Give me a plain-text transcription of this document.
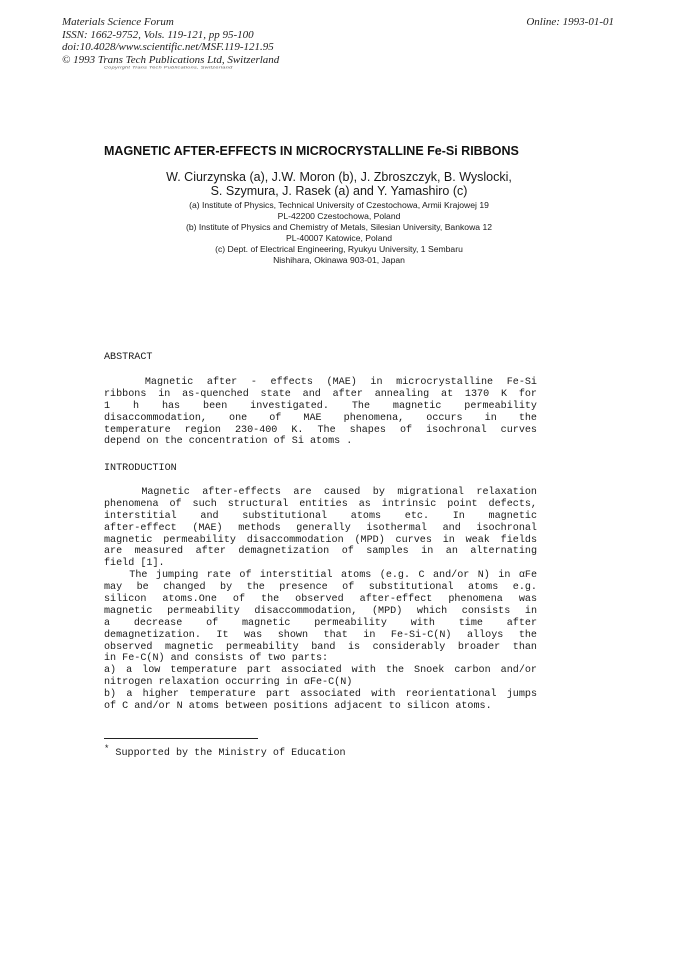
Materials Science Forum
ISSN: 1662-9752, Vols. 119-121, pp 95-100
doi:10.4028/www.scientific.net/MSF.119-121.95
© 1993 Trans Tech Publications Ltd, Switzerland
Online: 1993-01-01
Copyright Trans Tech Publications, Switzerland
MAGNETIC AFTER-EFFECTS IN MICROCRYSTALLINE Fe-Si RIBBONS
W. Ciurzynska (a), J.W. Moron (b), J. Zbroszczyk, B. Wyslocki,
S. Szymura, J. Rasek (a) and Y. Yamashiro (c)
(a) Institute of Physics, Technical University of Czestochowa, Armii Krajowej 19
PL-42200 Czestochowa, Poland
(b) Institute of Physics and Chemistry of Metals, Silesian University, Bankowa 12
PL-40007 Katowice, Poland
(c) Dept. of Electrical Engineering, Ryukyu University, 1 Sembaru
Nishihara, Okinawa 903-01, Japan
ABSTRACT
Magnetic after - effects (MAE) in microcrystalline Fe-Si
ribbons in as-quenched state and after annealing at 1370 K for
1 h has been investigated. The magnetic permeability
disaccommodation, one of MAE phenomena, occurs in the
temperature region 230-400 K. The shapes of isochronal curves
depend on the concentration of Si atoms .
INTRODUCTION
Magnetic after-effects are caused by migrational relaxation
phenomena of such structural entities as intrinsic point defects,
interstitial and substitutional atoms etc. In magnetic
after-effect (MAE) methods generally isothermal and isochronal
magnetic permeability disaccommodation (MPD) curves in weak fields
are measured after demagnetization of samples in an alternating
field [1].
The jumping rate of interstitial atoms (e.g. C and/or N) in αFe
may be changed by the presence of substitutional atoms e.g.
silicon atoms.One of the observed after-effect phenomena was
magnetic permeability disaccommodation, (MPD) which consists in
a decrease of magnetic permeability with time after
demagnetization. It was shown that in Fe-Si-C(N) alloys the
observed magnetic permeability band is considerably broader than
in Fe-C(N) and consists of two parts:
a) a low temperature part associated with the Snoek carbon and/or
nitrogen relaxation occurring in αFe-C(N)
b) a higher temperature part associated with reorientational jumps
of C and/or N atoms between positions adjacent to silicon atoms.
* Supported by the Ministry of Education
